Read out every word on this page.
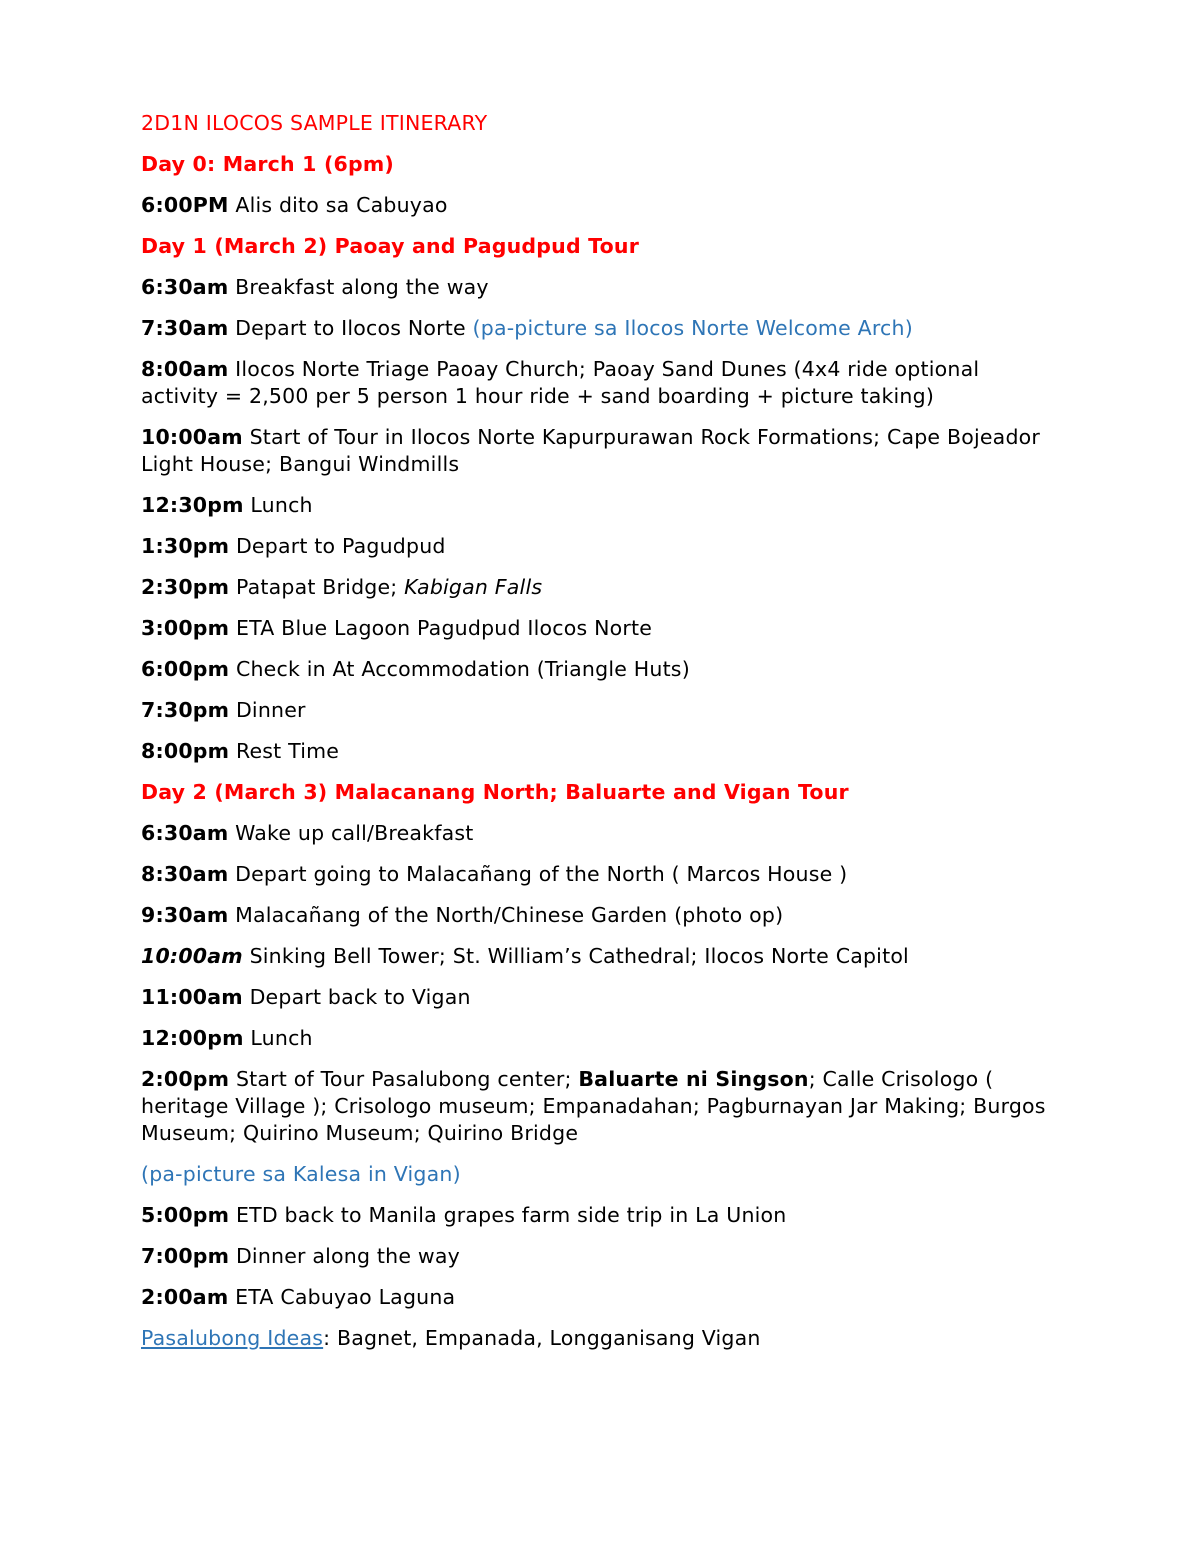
2D1N ILOCOS SAMPLE ITINERARY

Day 0: March 1 (6pm)

6:00PM Alis dito sa Cabuyao

Day 1 (March 2) Paoay and Pagudpud Tour

6:30am Breakfast along the way

7:30am Depart to Ilocos Norte (pa-picture sa Ilocos Norte Welcome Arch)

8:00am Ilocos Norte Triage Paoay Church; Paoay Sand Dunes (4x4 ride optional activity = 2,500 per 5 person 1 hour ride + sand boarding + picture taking)

10:00am Start of Tour in Ilocos Norte Kapurpurawan Rock Formations; Cape Bojeador Light House; Bangui Windmills

12:30pm Lunch

1:30pm Depart to Pagudpud

2:30pm Patapat Bridge; Kabigan Falls

3:00pm ETA Blue Lagoon Pagudpud Ilocos Norte

6:00pm Check in At Accommodation (Triangle Huts)

7:30pm Dinner

8:00pm Rest Time

Day 2 (March 3) Malacanang North; Baluarte and Vigan Tour

6:30am Wake up call/Breakfast

8:30am Depart going to Malacañang of the North ( Marcos House )

9:30am Malacañang of the North/Chinese Garden (photo op)

10:00am Sinking Bell Tower; St. William’s Cathedral; Ilocos Norte Capitol

11:00am Depart back to Vigan

12:00pm Lunch

2:00pm Start of Tour Pasalubong center; Baluarte ni Singson; Calle Crisologo ( heritage Village ); Crisologo museum; Empanadahan; Pagburnayan Jar Making; Burgos Museum; Quirino Museum; Quirino Bridge

(pa-picture sa Kalesa in Vigan)

5:00pm ETD back to Manila grapes farm side trip in La Union

7:00pm Dinner along the way

2:00am ETA Cabuyao Laguna

Pasalubong Ideas: Bagnet, Empanada, Longganisang Vigan
